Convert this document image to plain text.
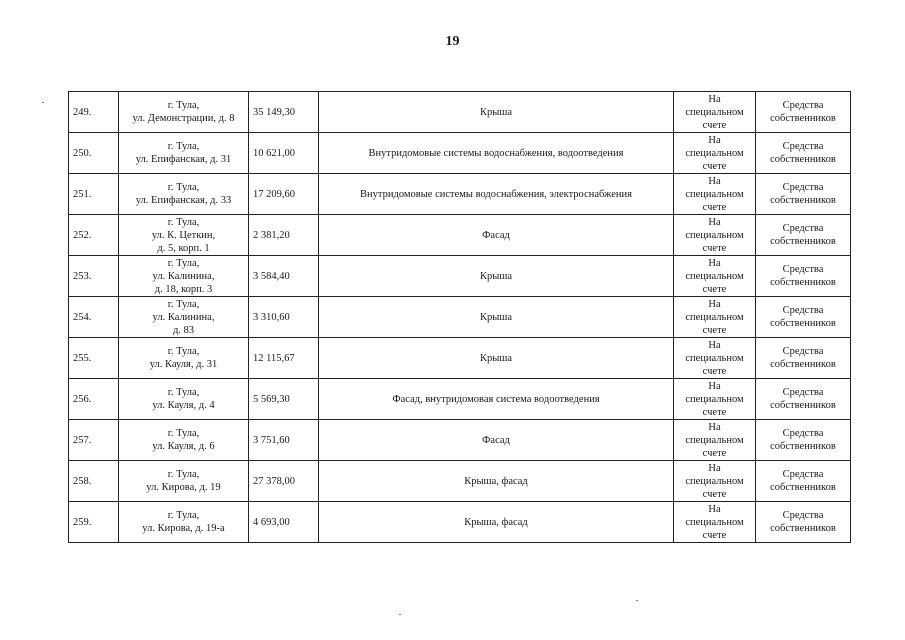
19
249.	г. Тула,
ул. Демонстрации, д. 8	35 149,30	Крыша	На
специальном
счете	Средства
собственников

250.	г. Тула,
ул. Епифанская, д. 31	10 621,00	Внутридомовые системы водоснабжения, водоотведения	На
специальном
счете	Средства
собственников

251.	г. Тула,
ул. Епифанская, д. 33	17 209,60	Внутридомовые системы водоснабжения, электроснабжения	На
специальном
счете	Средства
собственников

252.	г. Тула,
ул. К. Цеткин,
д. 5, корп. 1	2 381,20	Фасад	На
специальном
счете	Средства
собственников

253.	г. Тула,
ул. Калинина,
д. 18, корп. 3	3 584,40	Крыша	На
специальном
счете	Средства
собственников

254.	г. Тула,
ул. Калинина,
д. 83	3 310,60	Крыша	На
специальном
счете	Средства
собственников

255.	г. Тула,
ул. Кауля, д. 31	12 115,67	Крыша	На
специальном
счете	Средства
собственников

256.	г. Тула,
ул. Кауля, д. 4	5 569,30	Фасад, внутридомовая система водоотведения	На
специальном
счете	Средства
собственников

257.	г. Тула,
ул. Кауля, д. 6	3 751,60	Фасад	На
специальном
счете	Средства
собственников

258.	г. Тула,
ул. Кирова, д. 19	27 378,00	Крыша, фасад	На
специальном
счете	Средства
собственников

259.	г. Тула,
ул. Кирова, д. 19-а	4 693,00	Крыша, фасад	На
специальном
счете	Средства
собственников
